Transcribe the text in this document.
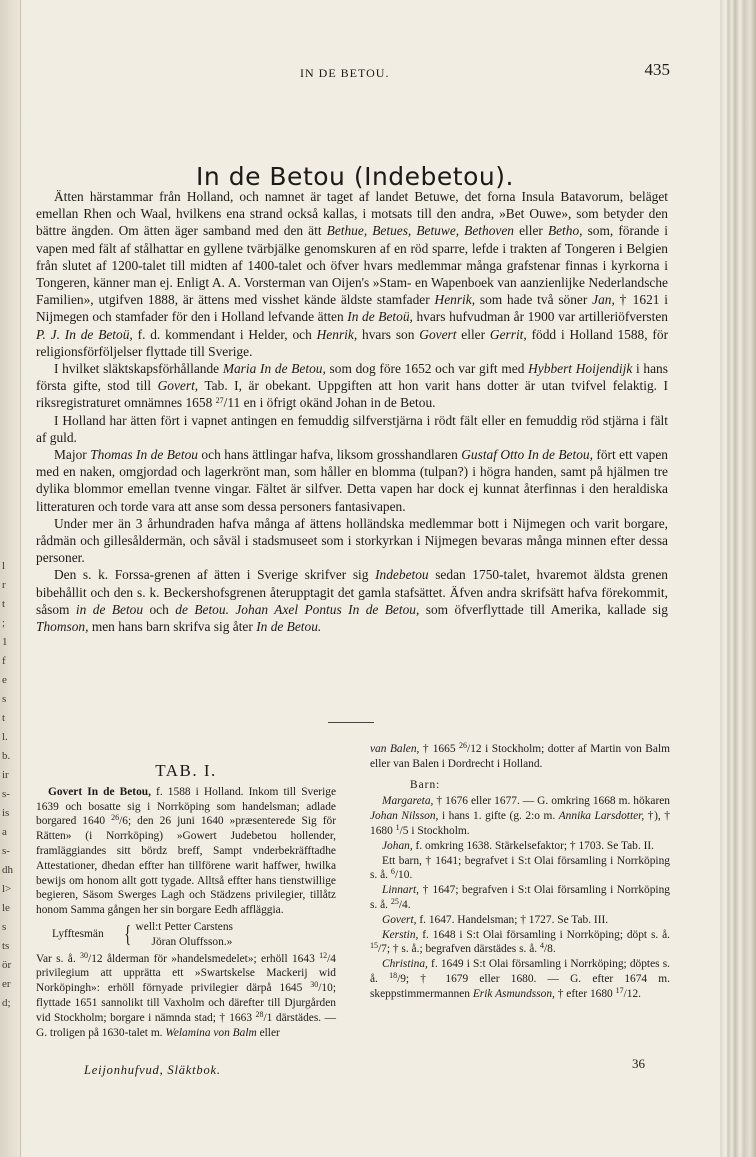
l
r
t
;
1
f
e
s
t
l.
b.
ir
s-
is
a
s-
dh
l>
le
s
ts
ör
er
d;
IN DE BETOU.	435
In de Betou (Indebetou).

Ätten härstammar från Holland, och namnet är taget af landet Betuwe, det forna Insula Batavorum, beläget emellan Rhen och Waal, hvilkens ena strand också kallas, i motsats till den andra, »Bet Ouwe», som betyder den bättre ängden. Om ätten äger samband med den ätt Bethue, Betues, Betuwe, Bethoven eller Betho, som, förande i vapen med fält af stålhattar en gyllene tvärbjälke genomskuren af en röd sparre, lefde i trakten af Tongeren i Belgien från slutet af 1200-talet till midten af 1400-talet och öfver hvars medlemmar många grafstenar finnas i kyrkorna i Tongeren, känner man ej. Enligt A. A. Vorsterman van Oijen's »Stam- en Wapenboek van aanzienlijke Nederlandsche Familien», utgifven 1888, är ättens med visshet kände äldste stamfader Henrik, som hade två söner Jan, † 1621 i Nijmegen och stamfader för den i Holland lefvande ätten In de Betoü, hvars hufvudman år 1900 var artilleriöfversten P. J. In de Betoü, f. d. kommendant i Helder, och Henrik, hvars son Govert eller Gerrit, född i Holland 1588, för religionsförföljelser flyttade till Sverige.

I hvilket släktskapsförhållande Maria In de Betou, som dog före 1652 och var gift med Hybbert Hoijendijk i hans första gifte, stod till Govert, Tab. I, är obekant. Uppgiften att hon varit hans dotter är utan tvifvel felaktig. I riksregistraturet omnämnes 1658 $^{27}$/11 en i öfrigt okänd Johan in de Betou.

I Holland har ätten fört i vapnet antingen en femuddig silfverstjärna i rödt fält eller en femuddig röd stjärna i fält af guld.

Major Thomas In de Betou och hans ättlingar hafva, liksom grosshandlaren Gustaf Otto In de Betou, fört ett vapen med en naken, omgjordad och lagerkrönt man, som håller en blomma (tulpan?) i högra handen, samt på hjälmen tre dylika blommor emellan tvenne vingar. Fältet är silfver. Detta vapen har dock ej kunnat återfinnas i den heraldiska litteraturen och torde vara att anse som dessa personers fantasivapen.

Under mer än 3 århundraden hafva många af ättens holländska medlemmar bott i Nijmegen och varit borgare, rådmän och gillesåldermän, och såväl i stadsmuseet som i storkyrkan i Nijmegen bevaras många minnen efter dessa personer.

Den s. k. Forssa-grenen af ätten i Sverige skrifver sig Indebetou sedan 1750-talet, hvaremot äldsta grenen bibehållit och den s. k. Beckershofsgrenen återupptagit det gamla stafsättet. Äfven andra skrifsätt hafva förekommit, såsom in de Betou och de Betou. Johan Axel Pontus In de Betou, som öfverflyttade till Amerika, kallade sig Thomson, men hans barn skrifva sig åter In de Betou.

TAB. I.

Govert In de Betou, f. 1588 i Holland. Inkom till Sverige 1639 och bosatte sig i Norrköping som handelsman; adlade borgared 1640 $^{26}$/6; den 26 juni 1640 »præsenterede Sig för Rätten» (i Norrköping) »Gowert Judebetou hollender, framläggiandes sitt bördz breff, Sampt vnderbekräfftadhe Attestationer, dhedan effter han tillförene warit haffwer, hwilka bewijs om honom allt gott tygade. Alltså effter hans tienstwillige begieren, Säsom Swerges Lagh och Städzens privilegier, tillåtz honom Samma gången her sin borgare Eedh affläggia.

Lyfftesmän { well:t Petter Carstens
Jöran Oluffsson.»

Var s. å. $^{30}$/12 ålderman för »handelsmedelet»; erhöll 1643 $^{12}$/4 privilegium att upprätta ett »Swartskelse Mackerij wid Norköpingh»: erhöll förnyade privilegier därpå 1645 $^{30}$/10; flyttade 1651 sannolikt till Vaxholm och därefter till Djurgården vid Stockholm; borgare i nämnda stad; † 1663 $^{28}$/1 därstädes. — G. troligen på 1630-talet m. Welamina von Balm eller

van Balen, † 1665 $^{26}$/12 i Stockholm; dotter af Martin von Balm eller van Balen i Dordrecht i Holland.

Barn:

Margareta, † 1676 eller 1677. — G. omkring 1668 m. hökaren Johan Nilsson, i hans 1. gifte (g. 2:o m. Annika Larsdotter, †), † 1680 $^1$/5 i Stockholm.

Johan, f. omkring 1638. Stärkelsefaktor; † 1703. Se Tab. II.

Ett barn, † 1641; begrafvet i S:t Olai församling i Norrköping s. å. $^6$/10.

Linnart, † 1647; begrafven i S:t Olai församling i Norrköping s. å. $^{25}$/4.

Govert, f. 1647. Handelsman; † 1727. Se Tab. III.

Kerstin, f. 1648 i S:t Olai församling i Norrköping; döpt s. å. $^{15}$/7; † s. å.; begrafven därstädes s. å. $^4$/8.

Christina, f. 1649 i S:t Olai församling i Norrköping; döptes s. å. $^{18}$/9; † 1679 eller 1680. — G. efter 1674 m. skeppstimmermannen Erik Asmundsson, † efter 1680 $^{17}$/12.

Leijonhufvud, Släktbok.	36
